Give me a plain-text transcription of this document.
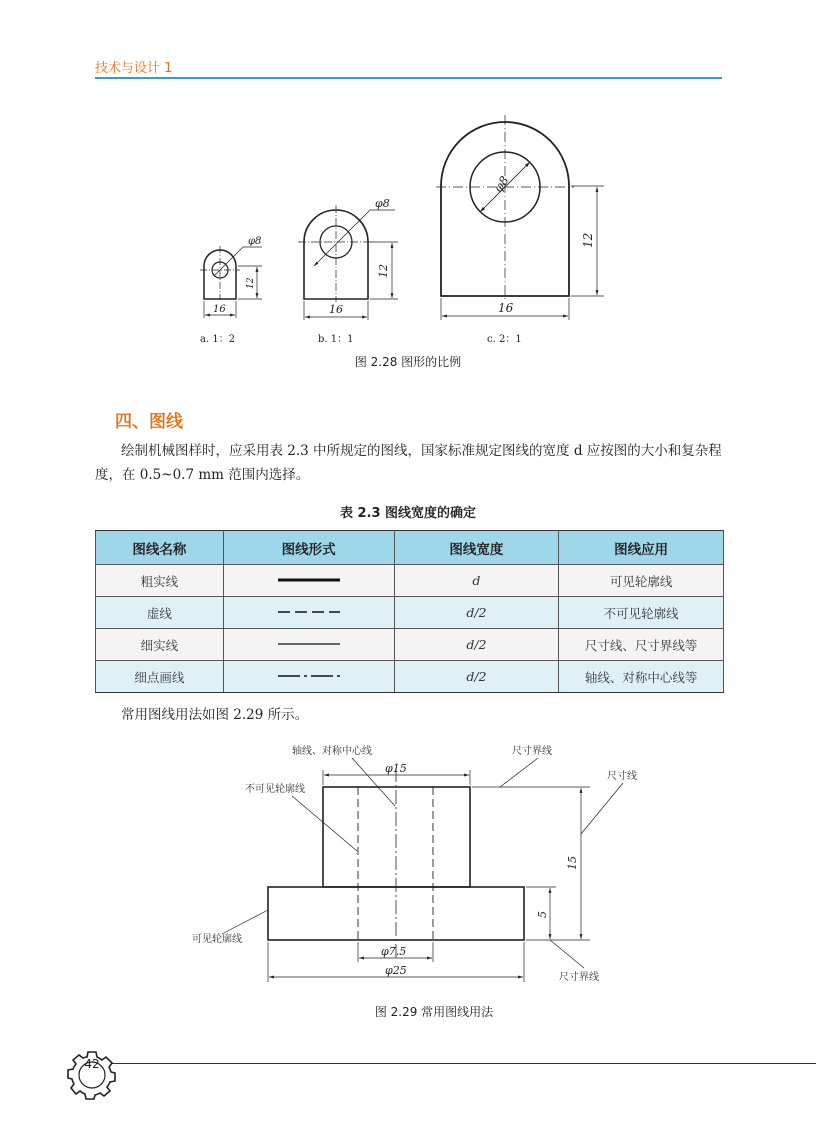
技术与设计 1
φ8
16
12
φ8
16
12
φ8
16
12
a. 1：2	b. 1：1	c. 2：1
图 2.28 图形的比例
四、图线
绘制机械图样时，应采用表 2.3 中所规定的图线，国家标准规定图线的宽度 d 应按图的大小和复杂程度，在 0.5~0.7 mm 范围内选择。
表 2.3 图线宽度的确定
图线名称	图线形式	图线宽度	图线应用
粗实线		d	可见轮廓线
虚线		d/2	不可见轮廓线
细实线		d/2	尺寸线、尺寸界线等
细点画线		d/2	轴线、对称中心线等
常用图线用法如图 2.29 所示。
轴线、对称中心线	尺寸界线
尺寸线
不可见轮廓线
可见轮廓线
尺寸界线
φ15
φ7.5
φ25
15
5
图 2.29 常用图线用法
42
